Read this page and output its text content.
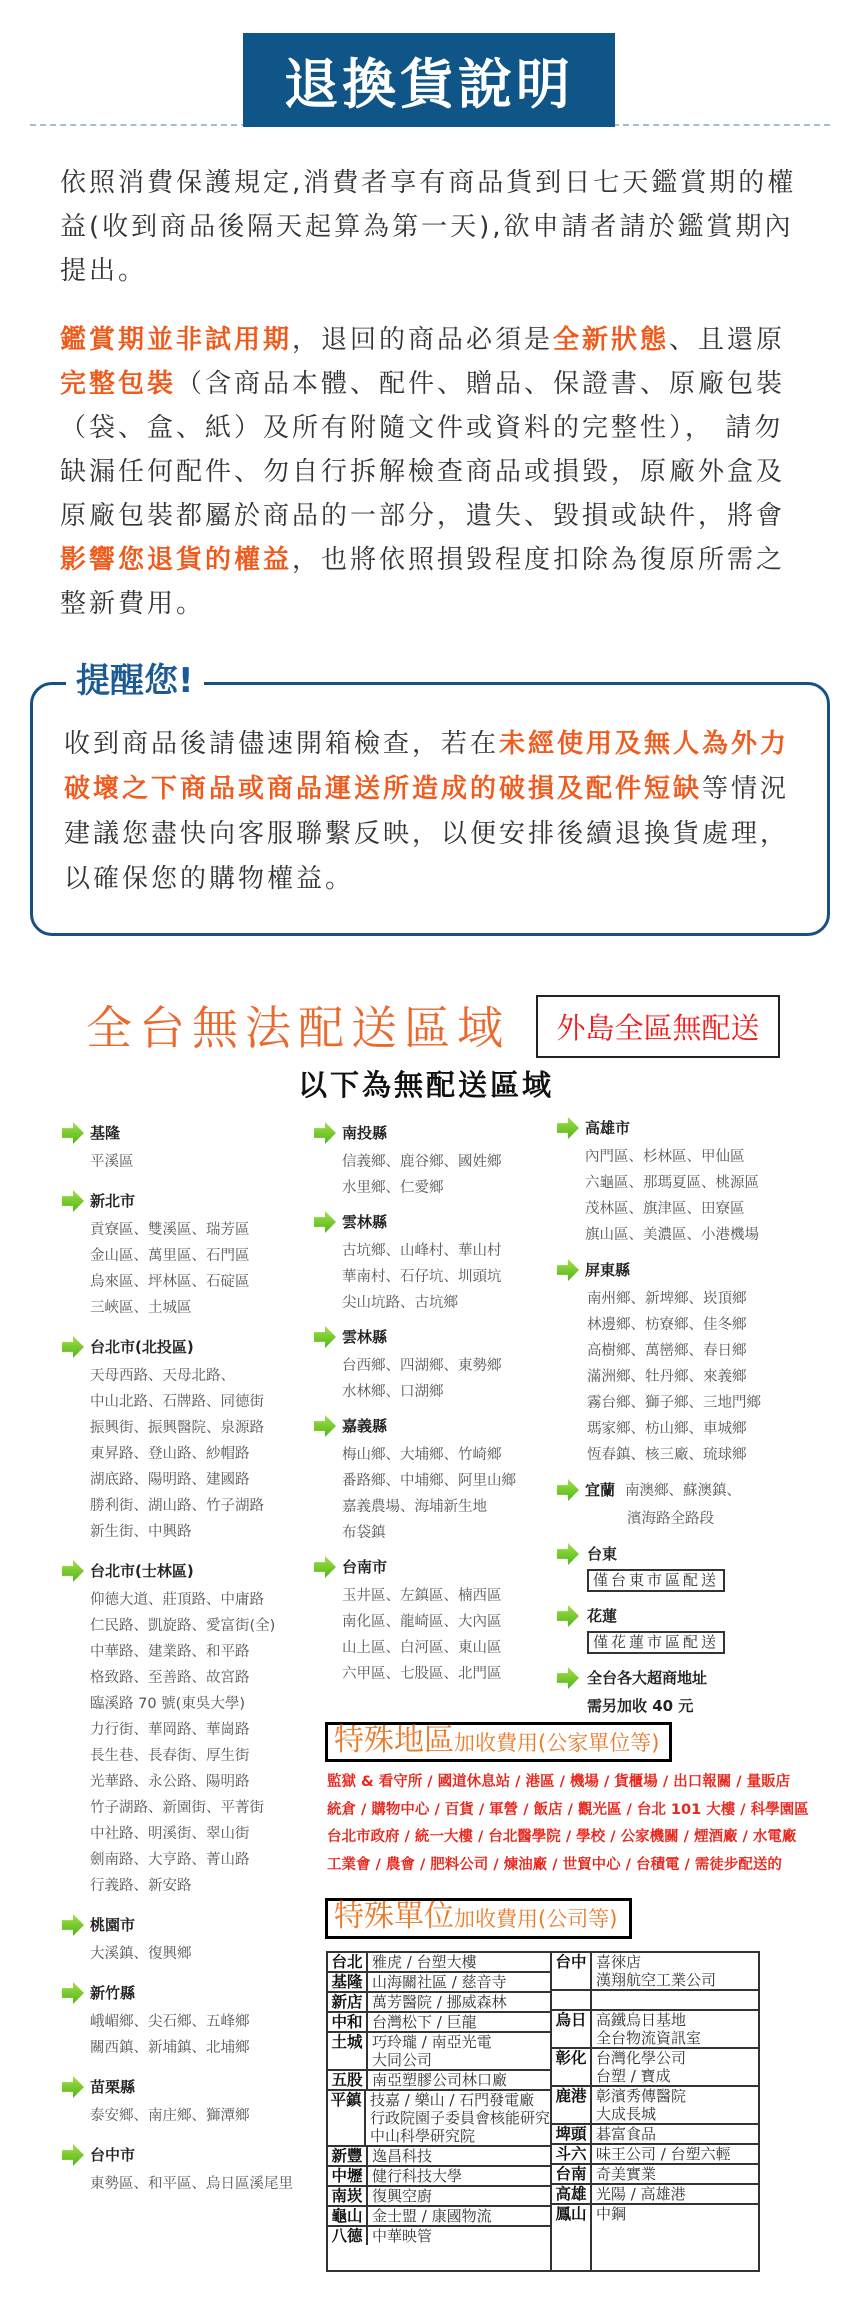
退換貨說明
依照消費保護規定,消費者享有商品貨到日七天鑑賞期的權益(收到商品後隔天起算為第一天),欲申請者請於鑑賞期內提出。
鑑賞期並非試用期，退回的商品必須是全新狀態、且還原完整包裝（含商品本體、配件、贈品、保證書、原廠包裝（袋、盒、紙）及所有附隨文件或資料的完整性）， 請勿缺漏任何配件、勿自行拆解檢查商品或損毀，原廠外盒及原廠包裝都屬於商品的一部分，遺失、毀損或缺件，將會影響您退貨的權益，也將依照損毀程度扣除為復原所需之整新費用。
提醒您!
收到商品後請儘速開箱檢查，若在未經使用及無人為外力破壞之下商品或商品運送所造成的破損及配件短缺等情況建議您盡快向客服聯繫反映，以便安排後續退換貨處理，以確保您的購物權益。
全台無法配送區域	外島全區無配送
以下為無配送區域
基隆
平溪區
新北市
貢寮區、雙溪區、瑞芳區
金山區、萬里區、石門區
烏來區、坪林區、石碇區
三峽區、土城區
台北市(北投區)
天母西路、天母北路、
中山北路、石牌路、同德街
振興街、振興醫院、泉源路
東昇路、登山路、紗帽路
湖底路、陽明路、建國路
勝利街、湖山路、竹子湖路
新生街、中興路
台北市(士林區)
仰德大道、莊頂路、中庸路
仁民路、凱旋路、愛富街(全)
中華路、建業路、和平路
格致路、至善路、故宮路
臨溪路 70 號(東吳大學)
力行街、華岡路、華崗路
長生巷、長春街、厚生街
光華路、永公路、陽明路
竹子湖路、新園街、平菁街
中社路、明溪街、翠山街
劍南路、大亨路、菁山路
行義路、新安路
桃園市
大溪鎮、復興鄉
新竹縣
峨嵋鄉、尖石鄉、五峰鄉
關西鎮、新埔鎮、北埔鄉
苗栗縣
泰安鄉、南庄鄉、獅潭鄉
台中市
東勢區、和平區、烏日區溪尾里
南投縣
信義鄉、鹿谷鄉、國姓鄉
水里鄉、仁愛鄉
雲林縣
古坑鄉、山峰村、華山村
華南村、石仔坑、圳頭坑
尖山坑路、古坑鄉
雲林縣
台西鄉、四湖鄉、東勢鄉
水林鄉、口湖鄉
嘉義縣
梅山鄉、大埔鄉、竹崎鄉
番路鄉、中埔鄉、阿里山鄉
嘉義農場、海埔新生地
布袋鎮
台南市
玉井區、左鎮區、楠西區
南化區、龍崎區、大內區
山上區、白河區、東山區
六甲區、七股區、北門區
高雄市
內門區、杉林區、甲仙區
六龜區、那瑪夏區、桃源區
茂林區、旗津區、田寮區
旗山區、美濃區、小港機場
屏東縣
南州鄉、新埤鄉、崁頂鄉
林邊鄉、枋寮鄉、佳冬鄉
高樹鄉、萬巒鄉、春日鄉
滿洲鄉、牡丹鄉、來義鄉
霧台鄉、獅子鄉、三地門鄉
瑪家鄉、枋山鄉、車城鄉
恆春鎮、核三廠、琉球鄉
宜蘭 南澳鄉、蘇澳鎮、 濱海路全路段
台東
僅台東市區配送
花蓮
僅花蓮市區配送
全台各大超商地址
需另加收 40 元
特殊地區加收費用(公家單位等)
監獄 & 看守所 / 國道休息站 / 港區 / 機場 / 貨櫃場 / 出口報關 / 量販店
統倉 / 購物中心 / 百貨 / 軍營 / 飯店 / 觀光區 / 台北 101 大樓 / 科學園區
台北市政府 / 統一大樓 / 台北醫學院 / 學校 / 公家機關 / 煙酒廠 / 水電廠
工業會 / 農會 / 肥料公司 / 煉油廠 / 世貿中心 / 台積電 / 需徒步配送的
特殊單位加收費用(公司等)
台北 雅虎 / 台塑大樓
基隆 山海關社區 / 慈音寺
新店 萬芳醫院 / 挪威森林
中和 台灣松下 / 巨龍
土城 巧玲瓏 / 南亞光電
大同公司
五股 南亞塑膠公司林口廠
平鎮 技嘉 / 樂山 / 石門發電廠
行政院園子委員會核能研究
中山科學研究院
新豐 逸昌科技
中壢 健行科技大學
南崁 復興空廚
龜山 金士盟 / 康國物流
八德 中華映管
台中 喜徠店
漢翔航空工業公司
烏日 高鐵烏日基地
全台物流資訊室
彰化 台灣化學公司
台塑 / 寶成
鹿港 彰濱秀傳醫院
大成長城
埤頭 碁富食品
斗六 味王公司 / 台塑六輕
台南 奇美實業
高雄 光陽 / 高雄港
鳳山 中鋼
